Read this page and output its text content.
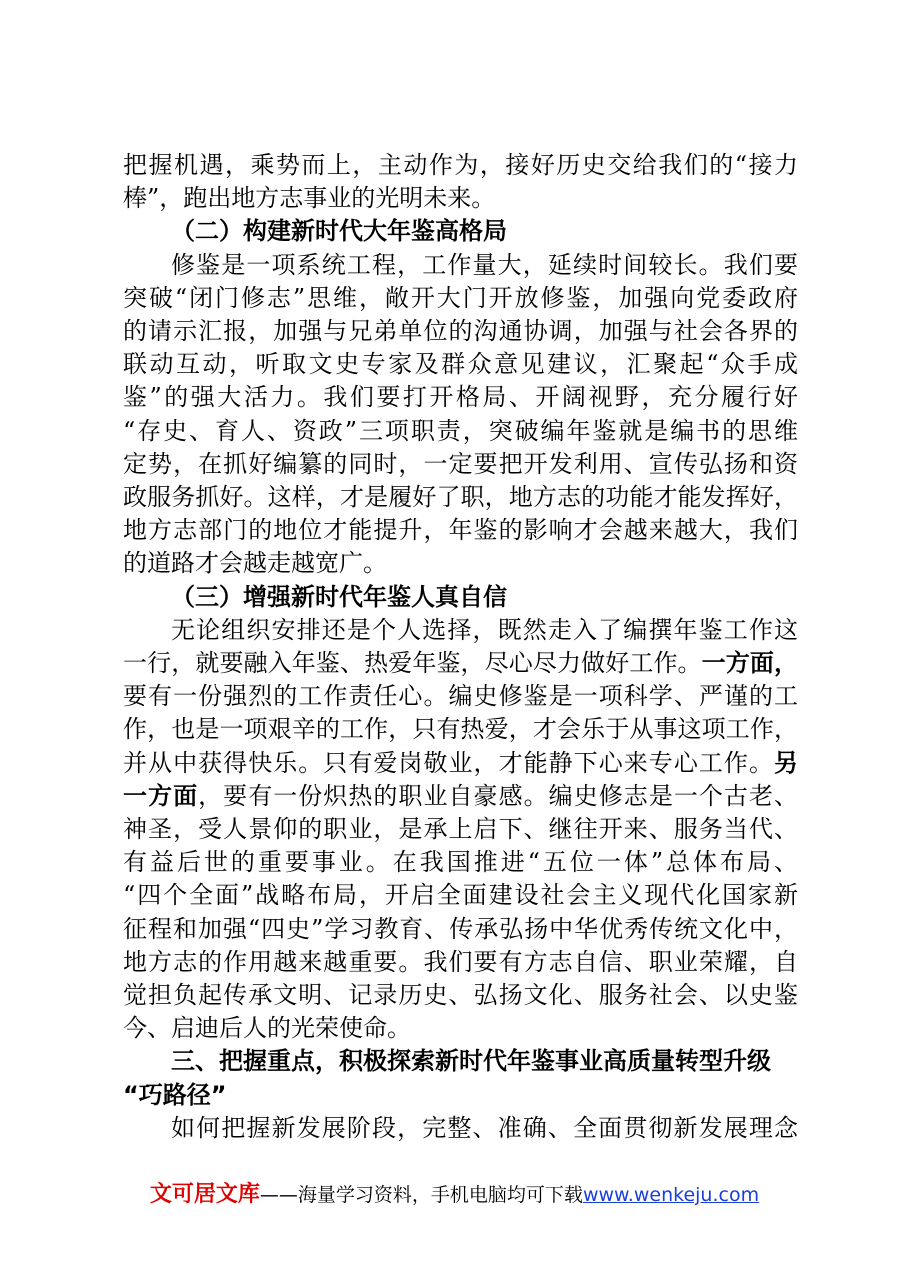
把握机遇，乘势而上，主动作为，接好历史交给我们的“接力
棒”，跑出地方志事业的光明未来。
（二）构建新时代大年鉴高格局
修鉴是一项系统工程，工作量大，延续时间较长。我们要
突破“闭门修志”思维，敞开大门开放修鉴，加强向党委政府
的请示汇报，加强与兄弟单位的沟通协调，加强与社会各界的
联动互动，听取文史专家及群众意见建议，汇聚起“众手成
鉴”的强大活力。我们要打开格局、开阔视野，充分履行好
“存史、育人、资政”三项职责，突破编年鉴就是编书的思维
定势，在抓好编纂的同时，一定要把开发利用、宣传弘扬和资
政服务抓好。这样，才是履好了职，地方志的功能才能发挥好，
地方志部门的地位才能提升，年鉴的影响才会越来越大，我们
的道路才会越走越宽广。
（三）增强新时代年鉴人真自信
无论组织安排还是个人选择，既然走入了编撰年鉴工作这
一行，就要融入年鉴、热爱年鉴，尽心尽力做好工作。一方面，
要有一份强烈的工作责任心。编史修鉴是一项科学、严谨的工
作，也是一项艰辛的工作，只有热爱，才会乐于从事这项工作，
并从中获得快乐。只有爱岗敬业，才能静下心来专心工作。另
一方面，要有一份炽热的职业自豪感。编史修志是一个古老、
神圣，受人景仰的职业，是承上启下、继往开来、服务当代、
有益后世的重要事业。在我国推进“五位一体”总体布局、
“四个全面”战略布局，开启全面建设社会主义现代化国家新
征程和加强“四史”学习教育、传承弘扬中华优秀传统文化中，
地方志的作用越来越重要。我们要有方志自信、职业荣耀，自
觉担负起传承文明、记录历史、弘扬文化、服务社会、以史鉴
今、启迪后人的光荣使命。
三、把握重点，积极探索新时代年鉴事业高质量转型升级
“巧路径”
如何把握新发展阶段，完整、准确、全面贯彻新发展理念
文可居文库——海量学习资料，手机电脑均可下载www.wenkeju.com
